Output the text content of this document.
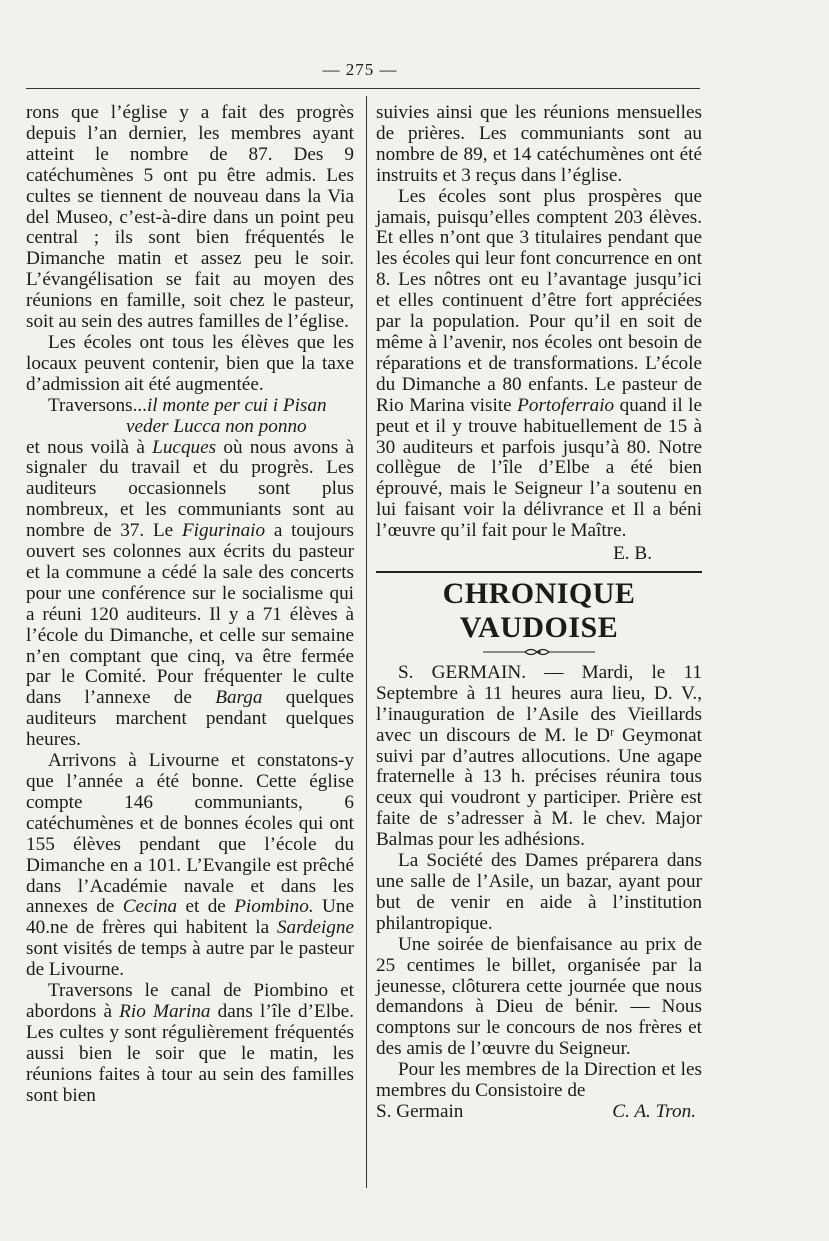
— 275 —

rons que l’église y a fait des progrès depuis l’an dernier, les membres ayant atteint le nombre de 87. Des 9 catéchumènes 5 ont pu être admis. Les cultes se tiennent de nouveau dans la Via del Museo, c’est-à-dire dans un point peu central ; ils sont bien fréquentés le Dimanche matin et assez peu le soir. L’évangélisation se fait au moyen des réunions en famille, soit chez le pasteur, soit au sein des autres familles de l’église.

Les écoles ont tous les élèves que les locaux peuvent contenir, bien que la taxe d’admission ait été augmentée.

Traversons...il monte per cui i Pisan
veder Lucca non ponno

et nous voilà à Lucques où nous avons à signaler du travail et du progrès. Les auditeurs occasionnels sont plus nombreux, et les communiants sont au nombre de 37. Le Figurinaio a toujours ouvert ses colonnes aux écrits du pasteur et la commune a cédé la sale des concerts pour une conférence sur le socialisme qui a réuni 120 auditeurs. Il y a 71 élèves à l’école du Dimanche, et celle sur semaine n’en comptant que cinq, va être fermée par le Comité. Pour fréquenter le culte dans l’annexe de Barga quelques auditeurs marchent pendant quelques heures.

Arrivons à Livourne et constatons-y que l’année a été bonne. Cette église compte 146 communiants, 6 catéchumènes et de bonnes écoles qui ont 155 élèves pendant que l’école du Dimanche en a 101. L’Evangile est prêché dans l’Académie navale et dans les annexes de Cecina et de Piombino. Une 40.ne de frères qui habitent la Sardeigne sont visités de temps à autre par le pasteur de Livourne.

Traversons le canal de Piombino et abordons à Rio Marina dans l’île d’Elbe. Les cultes y sont régulièrement fréquentés aussi bien le soir que le matin, les réunions faites à tour au sein des familles sont bien

suivies ainsi que les réunions mensuelles de prières. Les communiants sont au nombre de 89, et 14 catéchumènes ont été instruits et 3 reçus dans l’église.

Les écoles sont plus prospères que jamais, puisqu’elles comptent 203 élèves. Et elles n’ont que 3 titulaires pendant que les écoles qui leur font concurrence en ont 8. Les nôtres ont eu l’avantage jusqu’ici et elles continuent d’être fort appréciées par la population. Pour qu’il en soit de même à l’avenir, nos écoles ont besoin de réparations et de transformations. L’école du Dimanche a 80 enfants. Le pasteur de Rio Marina visite Portoferraio quand il le peut et il y trouve habituellement de 15 à 30 auditeurs et parfois jusqu’à 80. Notre collègue de l’île d’Elbe a été bien éprouvé, mais le Seigneur l’a soutenu en lui faisant voir la délivrance et Il a béni l’œuvre qu’il fait pour le Maître.

E. B.
CHRONIQUE VAUDOISE

S. GERMAIN. — Mardi, le 11 Septembre à 11 heures aura lieu, D. V., l’inauguration de l’Asile des Vieillards avec un discours de M. le Dʳ Geymonat suivi par d’autres allocutions. Une agape fraternelle à 13 h. précises réunira tous ceux qui voudront y participer. Prière est faite de s’adresser à M. le chev. Major Balmas pour les adhésions.

La Société des Dames préparera dans une salle de l’Asile, un bazar, ayant pour but de venir en aide à l’institution philantropique.

Une soirée de bienfaisance au prix de 25 centimes le billet, organisée par la jeunesse, clôturera cette journée que nous demandons à Dieu de bénir. — Nous comptons sur le concours de nos frères et des amis de l’œuvre du Seigneur.

Pour les membres de la Direction et les membres du Consistoire de

S. Germain	C. A. Tron.
